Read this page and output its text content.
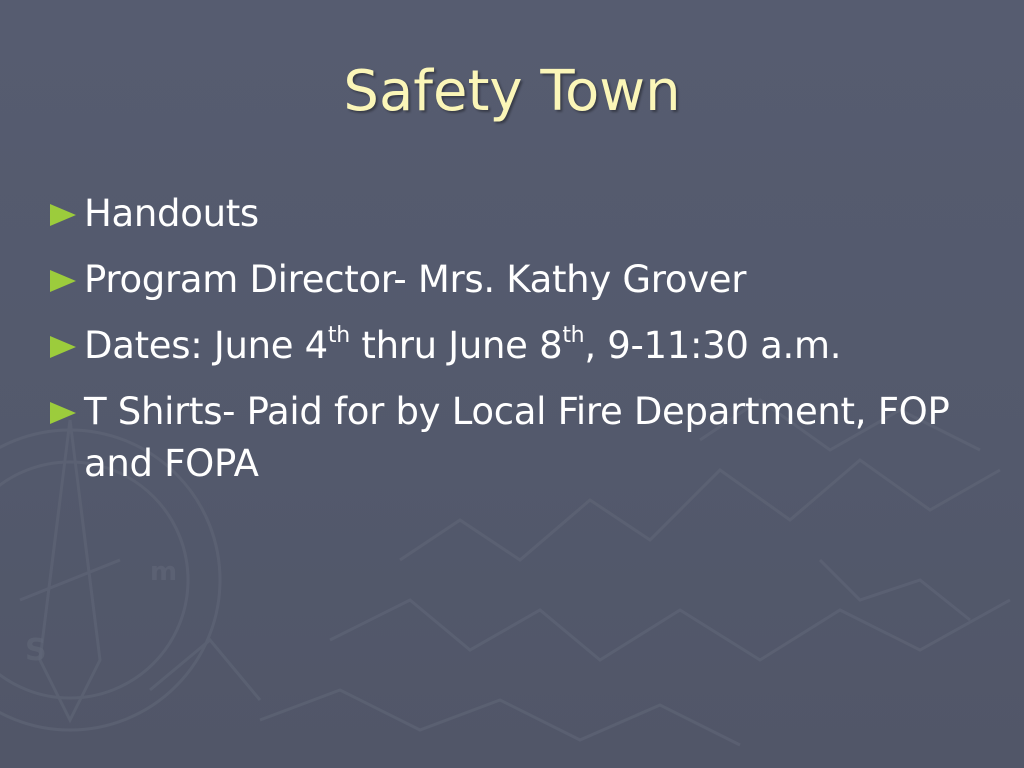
S
m
Safety Town
Handouts
Program Director- Mrs. Kathy Grover
Dates: June 4th thru June 8th, 9-11:30 a.m.
T Shirts- Paid for by Local Fire Department, FOP and FOPA
